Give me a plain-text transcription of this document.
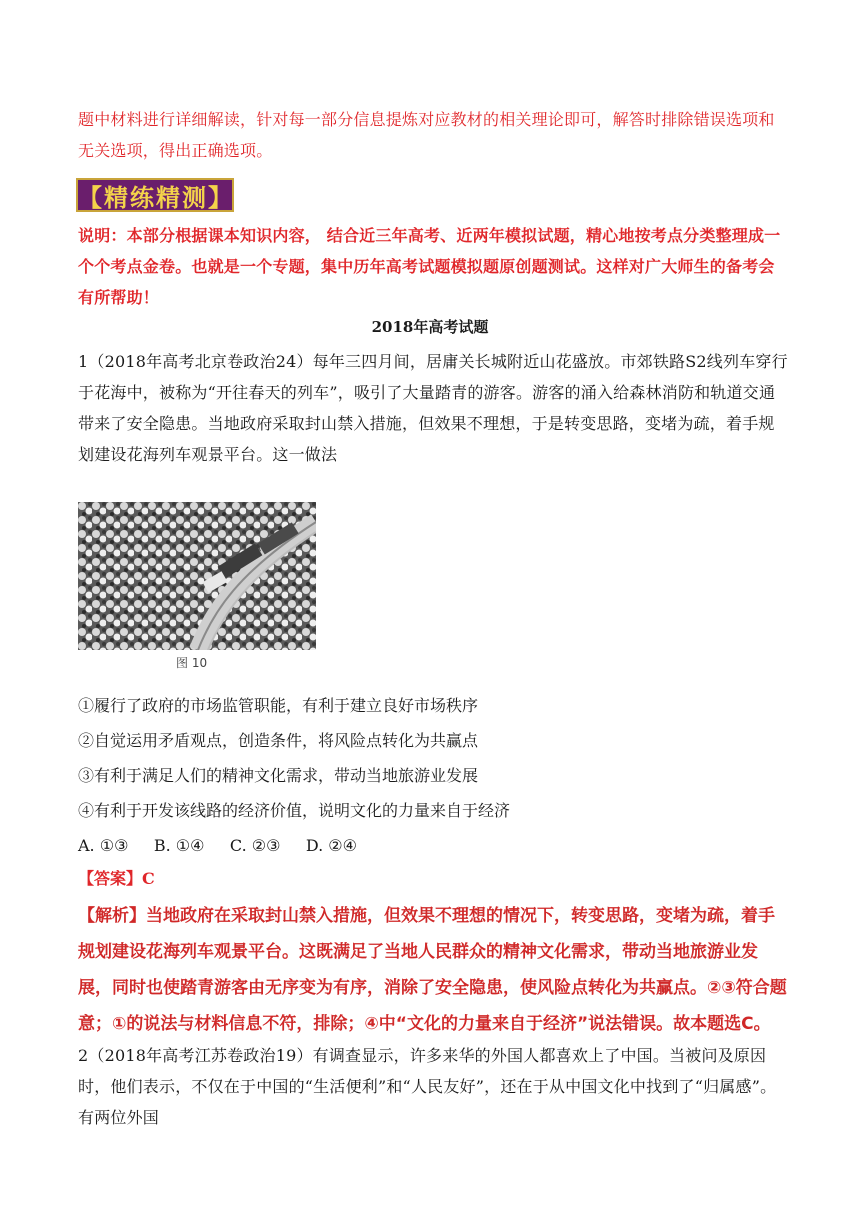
题中材料进行详细解读，针对每一部分信息提炼对应教材的相关理论即可，解答时排除错误选项和无关选项，得出正确选项。
【精练精测】
说明：本部分根据课本知识内容， 结合近三年高考、近两年模拟试题，精心地按考点分类整理成一个个考点金卷。也就是一个专题，集中历年高考试题模拟题原创题测试。这样对广大师生的备考会有所帮助！
2018年高考试题
1（2018年高考北京卷政治24）每年三四月间，居庸关长城附近山花盛放。市郊铁路S2线列车穿行于花海中，被称为“开往春天的列车”，吸引了大量踏青的游客。游客的涌入给森林消防和轨道交通带来了安全隐患。当地政府采取封山禁入措施，但效果不理想，于是转变思路，变堵为疏，着手规划建设花海列车观景平台。这一做法
图 10
①履行了政府的市场监管职能，有利于建立良好市场秩序
②自觉运用矛盾观点，创造条件，将风险点转化为共赢点
③有利于满足人们的精神文化需求，带动当地旅游业发展
④有利于开发该线路的经济价值，说明文化的力量来自于经济
A. ①③     B. ①④     C. ②③     D. ②④
【答案】C
【解析】当地政府在采取封山禁入措施，但效果不理想的情况下，转变思路，变堵为疏，着手规划建设花海列车观景平台。这既满足了当地人民群众的精神文化需求，带动当地旅游业发展，同时也使踏青游客由无序变为有序，消除了安全隐患，使风险点转化为共赢点。②③符合题意；①的说法与材料信息不符，排除；④中“文化的力量来自于经济”说法错误。故本题选C。
2（2018年高考江苏卷政治19）有调查显示，许多来华的外国人都喜欢上了中国。当被问及原因时，他们表示，不仅在于中国的“生活便利”和“人民友好”，还在于从中国文化中找到了“归属感”。有两位外国
